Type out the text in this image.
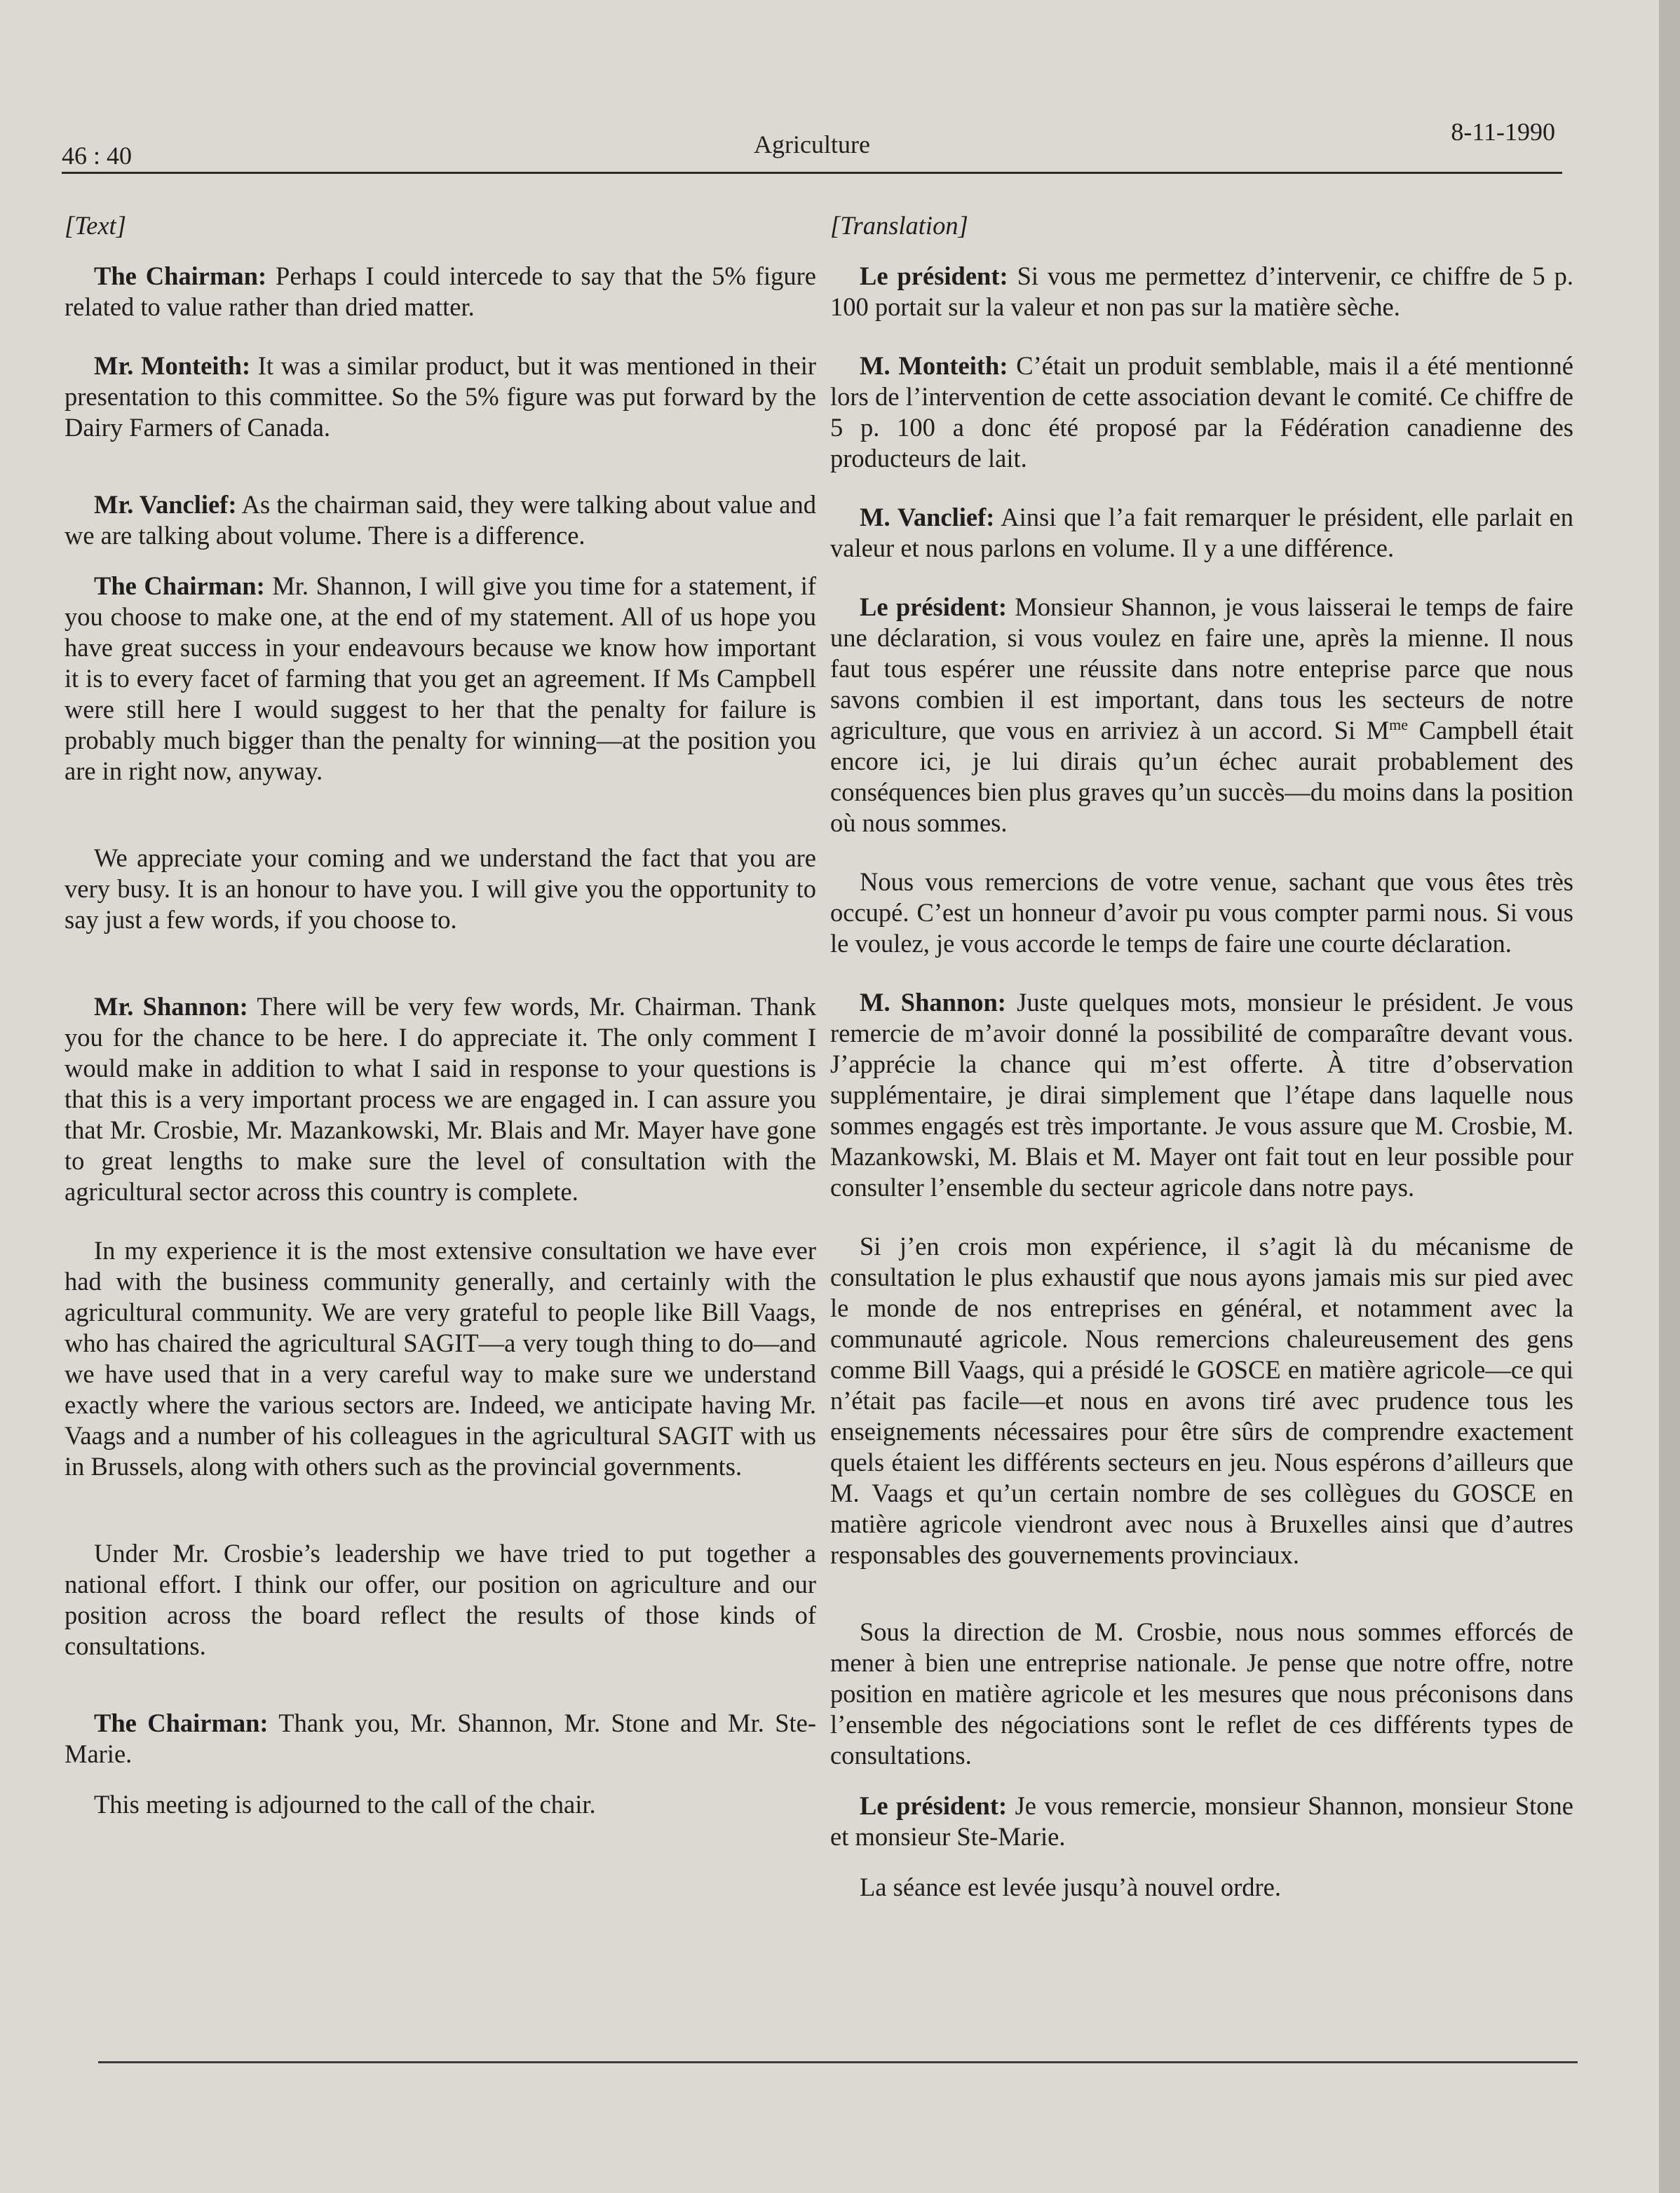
46 : 40	Agriculture	8-11-1990

[Text]

The Chairman: Perhaps I could intercede to say that the 5% figure related to value rather than dried matter.

Mr. Monteith: It was a similar product, but it was mentioned in their presentation to this committee. So the 5% figure was put forward by the Dairy Farmers of Canada.

Mr. Vanclief: As the chairman said, they were talking about value and we are talking about volume. There is a difference.

The Chairman: Mr. Shannon, I will give you time for a statement, if you choose to make one, at the end of my statement. All of us hope you have great success in your endeavours because we know how important it is to every facet of farming that you get an agreement. If Ms Campbell were still here I would suggest to her that the penalty for failure is probably much bigger than the penalty for winning—at the position you are in right now, anyway.

We appreciate your coming and we understand the fact that you are very busy. It is an honour to have you. I will give you the opportunity to say just a few words, if you choose to.

Mr. Shannon: There will be very few words, Mr. Chairman. Thank you for the chance to be here. I do appreciate it. The only comment I would make in addition to what I said in response to your questions is that this is a very important process we are engaged in. I can assure you that Mr. Crosbie, Mr. Mazankowski, Mr. Blais and Mr. Mayer have gone to great lengths to make sure the level of consultation with the agricultural sector across this country is complete.

In my experience it is the most extensive consultation we have ever had with the business community generally, and certainly with the agricultural community. We are very grateful to people like Bill Vaags, who has chaired the agricultural SAGIT—a very tough thing to do—and we have used that in a very careful way to make sure we understand exactly where the various sectors are. Indeed, we anticipate having Mr. Vaags and a number of his colleagues in the agricultural SAGIT with us in Brussels, along with others such as the provincial governments.

Under Mr. Crosbie’s leadership we have tried to put together a national effort. I think our offer, our position on agriculture and our position across the board reflect the results of those kinds of consultations.

The Chairman: Thank you, Mr. Shannon, Mr. Stone and Mr. Ste-Marie.

This meeting is adjourned to the call of the chair.

[Translation]

Le président: Si vous me permettez d’intervenir, ce chiffre de 5 p. 100 portait sur la valeur et non pas sur la matière sèche.

M. Monteith: C’était un produit semblable, mais il a été mentionné lors de l’intervention de cette association devant le comité. Ce chiffre de 5 p. 100 a donc été proposé par la Fédération canadienne des producteurs de lait.

M. Vanclief: Ainsi que l’a fait remarquer le président, elle parlait en valeur et nous parlons en volume. Il y a une différence.

Le président: Monsieur Shannon, je vous laisserai le temps de faire une déclaration, si vous voulez en faire une, après la mienne. Il nous faut tous espérer une réussite dans notre enteprise parce que nous savons combien il est important, dans tous les secteurs de notre agriculture, que vous en arriviez à un accord. Si $M^{me}$ Campbell était encore ici, je lui dirais qu’un échec aurait probablement des conséquences bien plus graves qu’un succès—du moins dans la position où nous sommes.

Nous vous remercions de votre venue, sachant que vous êtes très occupé. C’est un honneur d’avoir pu vous compter parmi nous. Si vous le voulez, je vous accorde le temps de faire une courte déclaration.

M. Shannon: Juste quelques mots, monsieur le président. Je vous remercie de m’avoir donné la possibilité de comparaître devant vous. J’apprécie la chance qui m’est offerte. À titre d’observation supplémentaire, je dirai simplement que l’étape dans laquelle nous sommes engagés est très importante. Je vous assure que M. Crosbie, M. Mazankowski, M. Blais et M. Mayer ont fait tout en leur possible pour consulter l’ensemble du secteur agricole dans notre pays.

Si j’en crois mon expérience, il s’agit là du mécanisme de consultation le plus exhaustif que nous ayons jamais mis sur pied avec le monde de nos entreprises en général, et notamment avec la communauté agricole. Nous remercions chaleureusement des gens comme Bill Vaags, qui a présidé le GOSCE en matière agricole—ce qui n’était pas facile—et nous en avons tiré avec prudence tous les enseignements nécessaires pour être sûrs de comprendre exactement quels étaient les différents secteurs en jeu. Nous espérons d’ailleurs que M. Vaags et qu’un certain nombre de ses collègues du GOSCE en matière agricole viendront avec nous à Bruxelles ainsi que d’autres responsables des gouvernements provinciaux.

Sous la direction de M. Crosbie, nous nous sommes efforcés de mener à bien une entreprise nationale. Je pense que notre offre, notre position en matière agricole et les mesures que nous préconisons dans l’ensemble des négociations sont le reflet de ces différents types de consultations.

Le président: Je vous remercie, monsieur Shannon, monsieur Stone et monsieur Ste-Marie.

La séance est levée jusqu’à nouvel ordre.
